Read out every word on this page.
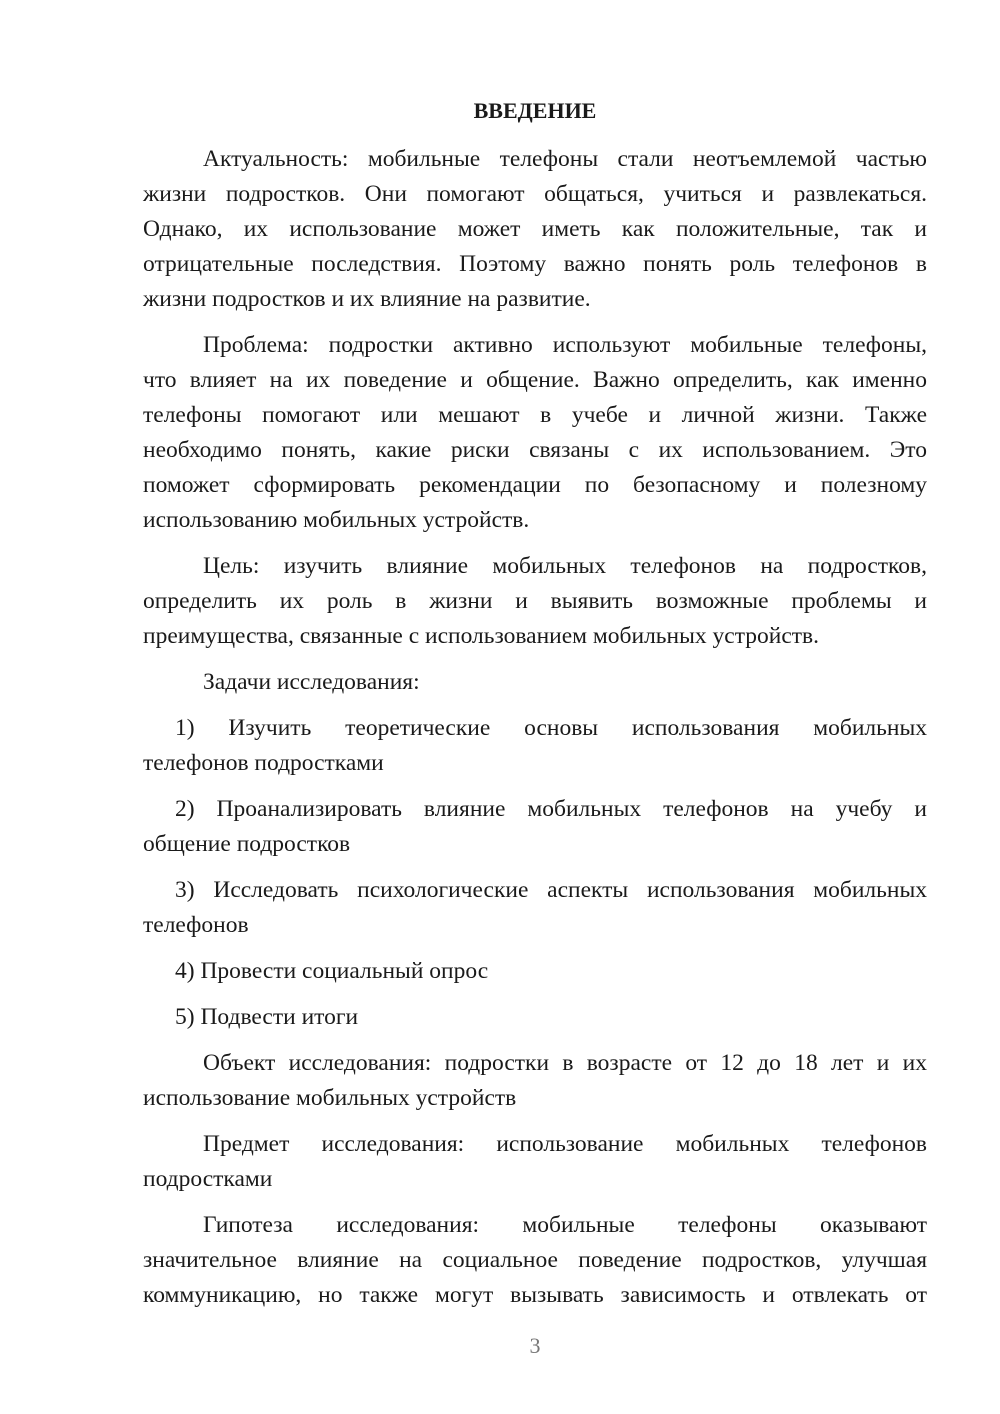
ВВЕДЕНИЕ
Актуальность: мобильные телефоны стали неотъемлемой частью
жизни подростков. Они помогают общаться, учиться и развлекаться.
Однако, их использование может иметь как положительные, так и
отрицательные последствия. Поэтому важно понять роль телефонов в
жизни подростков и их влияние на развитие.
Проблема: подростки активно используют мобильные телефоны,
что влияет на их поведение и общение. Важно определить, как именно
телефоны помогают или мешают в учебе и личной жизни. Также
необходимо понять, какие риски связаны с их использованием. Это
поможет сформировать рекомендации по безопасному и полезному
использованию мобильных устройств.
Цель: изучить влияние мобильных телефонов на подростков,
определить их роль в жизни и выявить возможные проблемы и
преимущества, связанные с использованием мобильных устройств.
Задачи исследования:
1) Изучить теоретические основы использования мобильных
телефонов подростками
2) Проанализировать влияние мобильных телефонов на учебу и
общение подростков
3) Исследовать психологические аспекты использования мобильных
телефонов
4) Провести социальный опрос
5) Подвести итоги
Объект исследования: подростки в возрасте от 12 до 18 лет и их
использование мобильных устройств
Предмет исследования: использование мобильных телефонов
подростками
Гипотеза исследования: мобильные телефоны оказывают
значительное влияние на социальное поведение подростков, улучшая
коммуникацию, но также могут вызывать зависимость и отвлекать от
3
